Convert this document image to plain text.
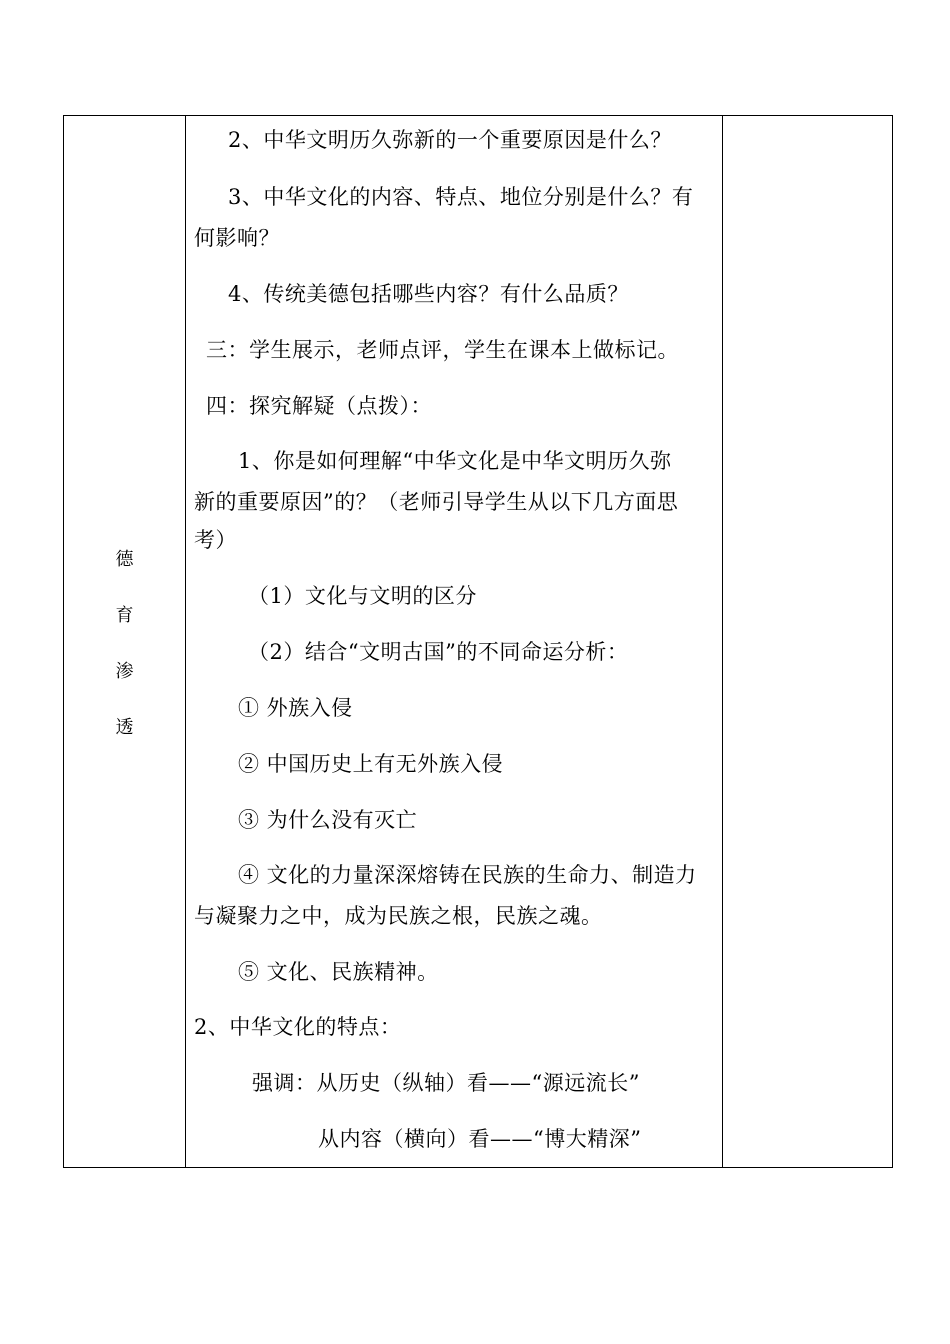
德
育
渗
透
2、中华文明历久弥新的一个重要原因是什么？
3、中华文化的内容、特点、地位分别是什么？有
何影响？
4、传统美德包括哪些内容？有什么品质？
三：学生展示，老师点评，学生在课本上做标记。
四：探究解疑（点拨）：
1、你是如何理解“中华文化是中华文明历久弥
新的重要原因”的？（老师引导学生从以下几方面思
考）
（1）文化与文明的区分
（2）结合“文明古国”的不同命运分析：
① 外族入侵
② 中国历史上有无外族入侵
③ 为什么没有灭亡
④ 文化的力量深深熔铸在民族的生命力、制造力
与凝聚力之中，成为民族之根，民族之魂。
⑤ 文化、民族精神。
2、中华文化的特点：
强调：从历史（纵轴）看——“源远流长”
从内容（横向）看——“博大精深”
